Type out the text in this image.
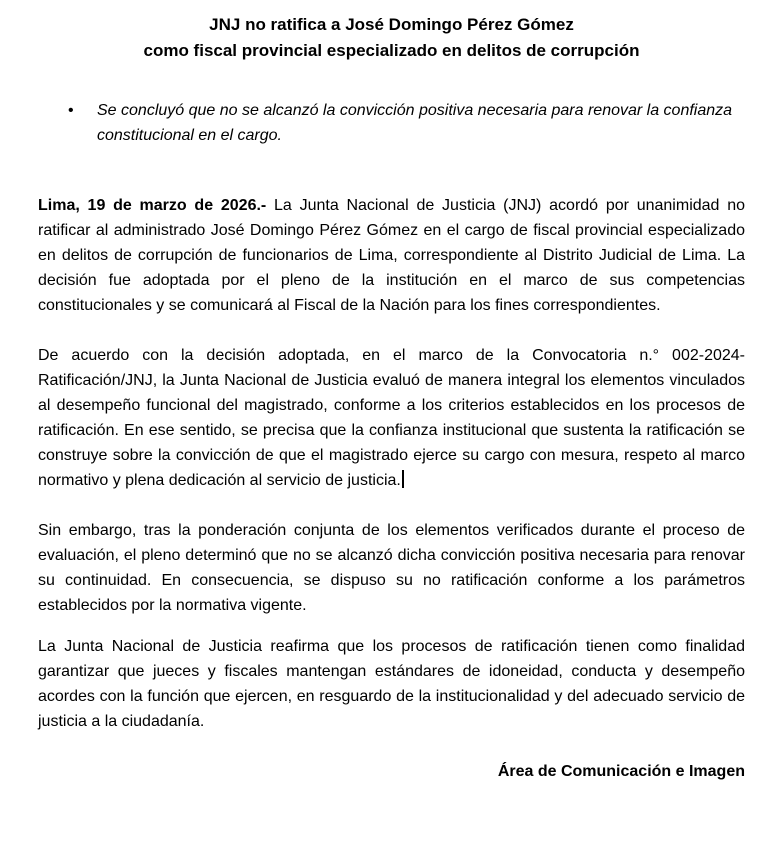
JNJ no ratifica a José Domingo Pérez Gómez
como fiscal provincial especializado en delitos de corrupción
• Se concluyó que no se alcanzó la convicción positiva necesaria para renovar la confianza constitucional en el cargo.

Lima, 19 de marzo de 2026.- La Junta Nacional de Justicia (JNJ) acordó por unanimidad no ratificar al administrado José Domingo Pérez Gómez en el cargo de fiscal provincial especializado en delitos de corrupción de funcionarios de Lima, correspondiente al Distrito Judicial de Lima. La decisión fue adoptada por el pleno de la institución en el marco de sus competencias constitucionales y se comunicará al Fiscal de la Nación para los fines correspondientes.

De acuerdo con la decisión adoptada, en el marco de la Convocatoria n.° 002-2024-Ratificación/JNJ, la Junta Nacional de Justicia evaluó de manera integral los elementos vinculados al desempeño funcional del magistrado, conforme a los criterios establecidos en los procesos de ratificación. En ese sentido, se precisa que la confianza institucional que sustenta la ratificación se construye sobre la convicción de que el magistrado ejerce su cargo con mesura, respeto al marco normativo y plena dedicación al servicio de justicia.

Sin embargo, tras la ponderación conjunta de los elementos verificados durante el proceso de evaluación, el pleno determinó que no se alcanzó dicha convicción positiva necesaria para renovar su continuidad. En consecuencia, se dispuso su no ratificación conforme a los parámetros establecidos por la normativa vigente.

La Junta Nacional de Justicia reafirma que los procesos de ratificación tienen como finalidad garantizar que jueces y fiscales mantengan estándares de idoneidad, conducta y desempeño acordes con la función que ejercen, en resguardo de la institucionalidad y del adecuado servicio de justicia a la ciudadanía.

Área de Comunicación e Imagen
